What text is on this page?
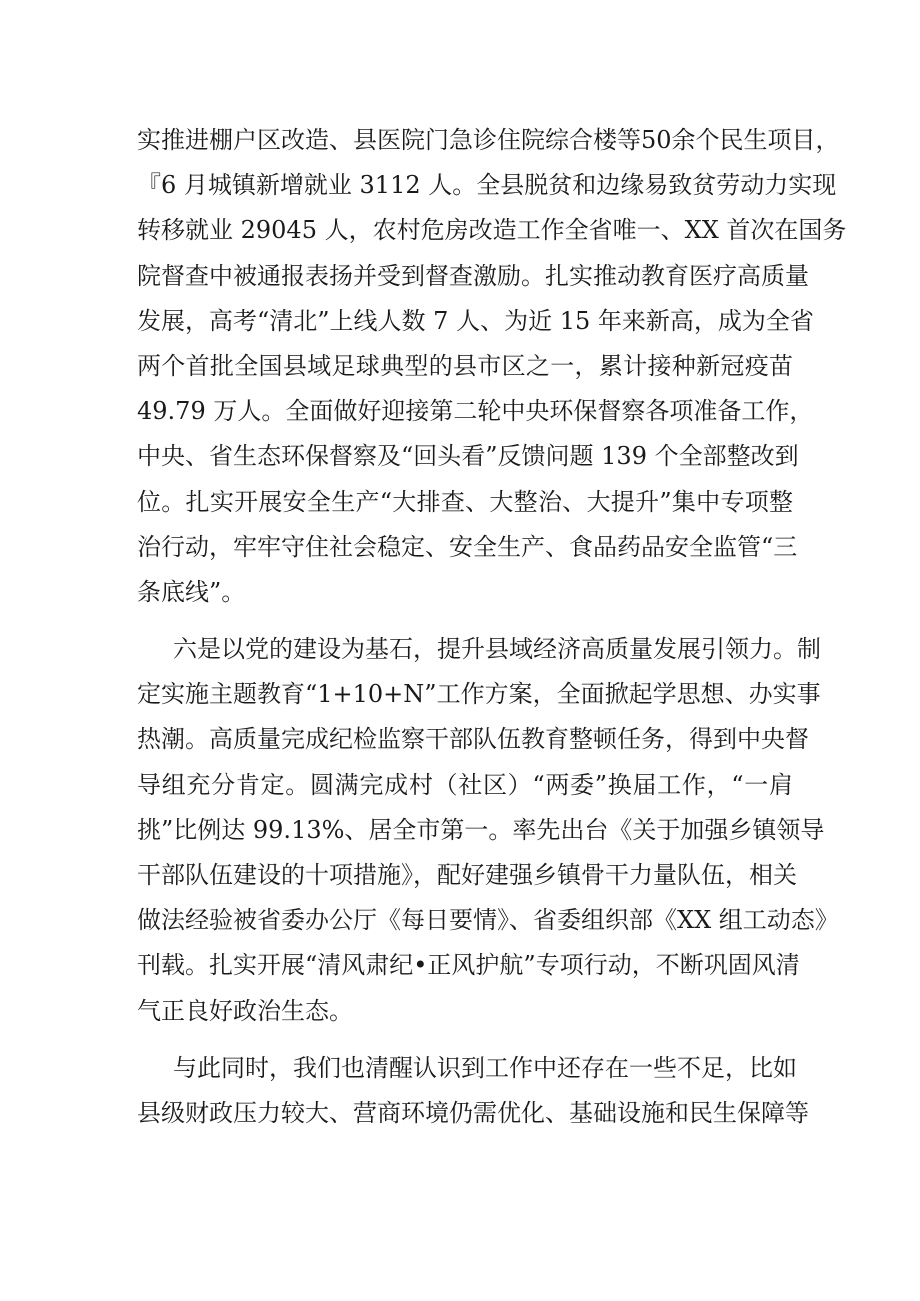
实推进棚户区改造、县医院门急诊住院综合楼等50余个民生项目，
『6 月城镇新增就业 3112 人。全县脱贫和边缘易致贫劳动力实现
转移就业 29045 人，农村危房改造工作全省唯一、XX 首次在国务
院督查中被通报表扬并受到督查激励。扎实推动教育医疗高质量
发展，高考“清北”上线人数 7 人、为近 15 年来新高，成为全省
两个首批全国县域足球典型的县市区之一，累计接种新冠疫苗
49.79 万人。全面做好迎接第二轮中央环保督察各项准备工作，
中央、省生态环保督察及“回头看”反馈问题 139 个全部整改到
位。扎实开展安全生产“大排查、大整治、大提升”集中专项整
治行动，牢牢守住社会稳定、安全生产、食品药品安全监管“三
条底线”。
六是以党的建设为基石，提升县域经济高质量发展引领力。制
定实施主题教育“1+10+N”工作方案，全面掀起学思想、办实事
热潮。高质量完成纪检监察干部队伍教育整顿任务，得到中央督
导组充分肯定。圆满完成村（社区）“两委”换届工作，“一肩
挑”比例达 99.13%、居全市第一。率先出台《关于加强乡镇领导
干部队伍建设的十项措施》，配好建强乡镇骨干力量队伍，相关
做法经验被省委办公厅《每日要情》、省委组织部《XX 组工动态》
刊载。扎实开展“清风肃纪•正风护航”专项行动，不断巩固风清
气正良好政治生态。
与此同时，我们也清醒认识到工作中还存在一些不足，比如
县级财政压力较大、营商环境仍需优化、基础设施和民生保障等
